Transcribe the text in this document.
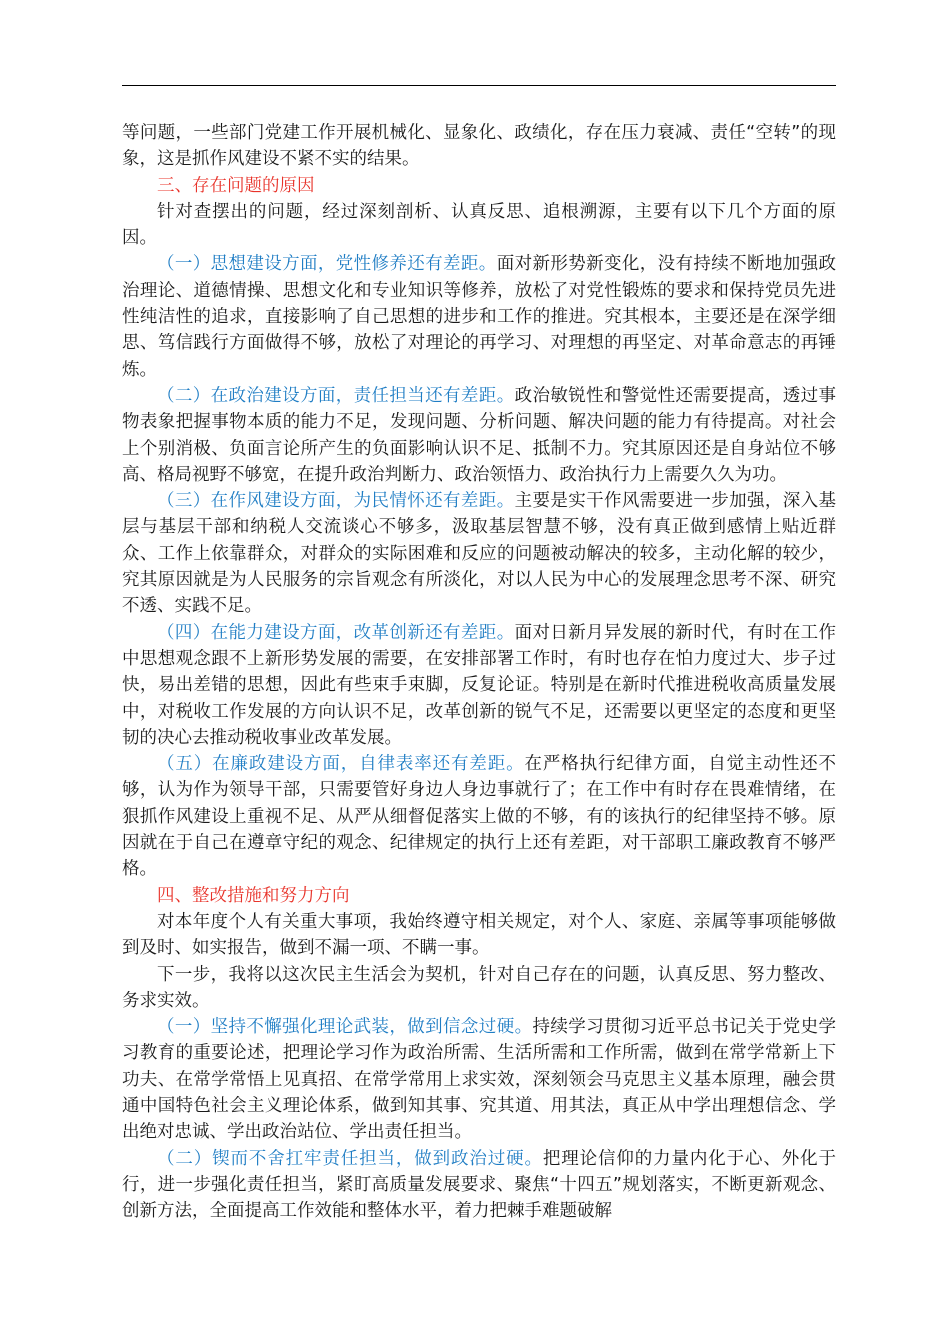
等问题，一些部门党建工作开展机械化、显象化、政绩化，存在压力衰减、责任“空转”的现象，这是抓作风建设不紧不实的结果。

三、存在问题的原因

针对查摆出的问题，经过深刻剖析、认真反思、追根溯源，主要有以下几个方面的原因。

（一）思想建设方面，党性修养还有差距。面对新形势新变化，没有持续不断地加强政治理论、道德情操、思想文化和专业知识等修养，放松了对党性锻炼的要求和保持党员先进性纯洁性的追求，直接影响了自己思想的进步和工作的推进。究其根本，主要还是在深学细思、笃信践行方面做得不够，放松了对理论的再学习、对理想的再坚定、对革命意志的再锤炼。

（二）在政治建设方面，责任担当还有差距。政治敏锐性和警觉性还需要提高，透过事物表象把握事物本质的能力不足，发现问题、分析问题、解决问题的能力有待提高。对社会上个别消极、负面言论所产生的负面影响认识不足、抵制不力。究其原因还是自身站位不够高、格局视野不够宽，在提升政治判断力、政治领悟力、政治执行力上需要久久为功。

（三）在作风建设方面，为民情怀还有差距。主要是实干作风需要进一步加强，深入基层与基层干部和纳税人交流谈心不够多，汲取基层智慧不够，没有真正做到感情上贴近群众、工作上依靠群众，对群众的实际困难和反应的问题被动解决的较多，主动化解的较少，究其原因就是为人民服务的宗旨观念有所淡化，对以人民为中心的发展理念思考不深、研究不透、实践不足。

（四）在能力建设方面，改革创新还有差距。面对日新月异发展的新时代，有时在工作中思想观念跟不上新形势发展的需要，在安排部署工作时，有时也存在怕力度过大、步子过快，易出差错的思想，因此有些束手束脚，反复论证。特别是在新时代推进税收高质量发展中，对税收工作发展的方向认识不足，改革创新的锐气不足，还需要以更坚定的态度和更坚韧的决心去推动税收事业改革发展。

（五）在廉政建设方面，自律表率还有差距。在严格执行纪律方面，自觉主动性还不够，认为作为领导干部，只需要管好身边人身边事就行了；在工作中有时存在畏难情绪，在狠抓作风建设上重视不足、从严从细督促落实上做的不够，有的该执行的纪律坚持不够。原因就在于自己在遵章守纪的观念、纪律规定的执行上还有差距，对干部职工廉政教育不够严格。

四、整改措施和努力方向

对本年度个人有关重大事项，我始终遵守相关规定，对个人、家庭、亲属等事项能够做到及时、如实报告，做到不漏一项、不瞒一事。

下一步，我将以这次民主生活会为契机，针对自己存在的问题，认真反思、努力整改、务求实效。

（一）坚持不懈强化理论武装，做到信念过硬。持续学习贯彻习近平总书记关于党史学习教育的重要论述，把理论学习作为政治所需、生活所需和工作所需，做到在常学常新上下功夫、在常学常悟上见真招、在常学常用上求实效，深刻领会马克思主义基本原理，融会贯通中国特色社会主义理论体系，做到知其事、究其道、用其法，真正从中学出理想信念、学出绝对忠诚、学出政治站位、学出责任担当。

（二）锲而不舍扛牢责任担当，做到政治过硬。把理论信仰的力量内化于心、外化于行，进一步强化责任担当，紧盯高质量发展要求、聚焦“十四五”规划落实，不断更新观念、创新方法，全面提高工作效能和整体水平，着力把棘手难题破解
